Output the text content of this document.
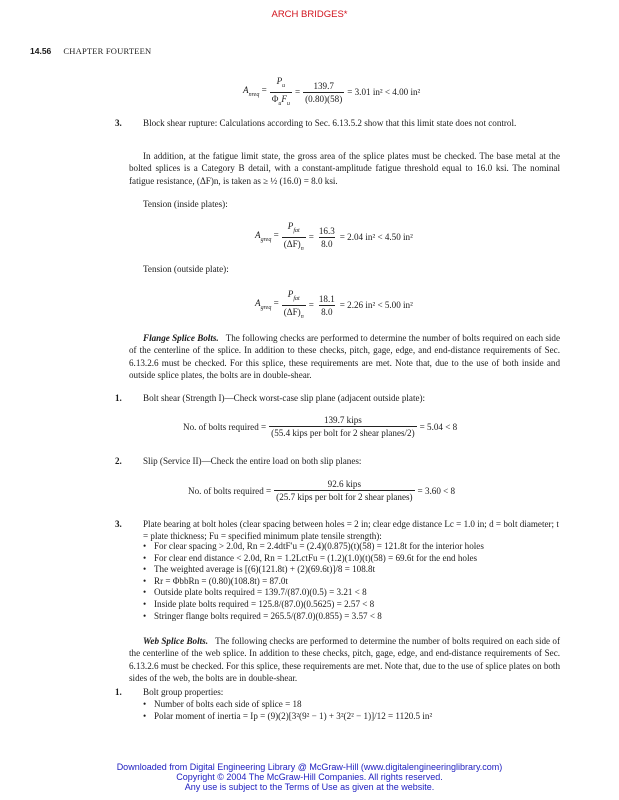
ARCH BRIDGES*
14.56 CHAPTER FOURTEEN
$A_{nreq} = \frac{P_u}{\Phi_uF_u} = \frac{139.7}{(0.80)(58)} = 3.01$ in² < 4.00 in²
3. Block shear rupture: Calculations according to Sec. 6.13.5.2 show that this limit state does not control.

In addition, at the fatigue limit state, the gross area of the splice plates must be checked. The base metal at the bolted splices is a Category B detail, with a constant-amplitude fatigue threshold equal to 16.0 ksi. The nominal fatigue resistance, (ΔF)n, is taken as ≥ ½ (16.0) = 8.0 ksi.

Tension (inside plates):
$A_{greq} = \frac{P_{fat}}{(\Delta F)_n} = \frac{16.3}{8.0} = 2.04$ in² < 4.50 in²
Tension (outside plate):
$A_{greq} = \frac{P_{fat}}{(\Delta F)_n} = \frac{18.1}{8.0} = 2.26$ in² < 5.00 in²

Flange Splice Bolts. The following checks are performed to determine the number of bolts required on each side of the centerline of the splice. In addition to these checks, pitch, gage, edge, and end-distance requirements of Sec. 6.13.2.6 must be checked. For this splice, these requirements are met. Note that, due to the use of both inside and outside splice plates, the bolts are in double-shear.

1. Bolt shear (Strength I)—Check worst-case slip plane (adjacent outside plate):
No. of bolts required = $\frac{\text{139.7 kips}}{\text{(55.4 kips per bolt for 2 shear planes/2)}} = 5.04 < 8$
2. Slip (Service II)—Check the entire load on both slip planes:
No. of bolts required = $\frac{\text{92.6 kips}}{\text{(25.7 kips per bolt for 2 shear planes)}} = 3.60 < 8$
3. Plate bearing at bolt holes (clear spacing between holes = 2 in; clear edge distance Lc = 1.0 in; d = bolt diameter; t = plate thickness; Fu = specified minimum plate tensile strength):
• For clear spacing > 2.0d, Rn = 2.4dtF′u = (2.4)(0.875)(t)(58) = 121.8t for the interior holes
• For clear end distance < 2.0d, Rn = 1.2LctFu = (1.2)(1.0)(t)(58) = 69.6t for the end holes
• The weighted average is [(6)(121.8t) + (2)(69.6t)]/8 = 108.8t
• Rr = ΦbbRn = (0.80)(108.8t) = 87.0t
• Outside plate bolts required = 139.7/(87.0)(0.5) = 3.21 < 8
• Inside plate bolts required = 125.8/(87.0)(0.5625) = 2.57 < 8
• Stringer flange bolts required = 265.5/(87.0)(0.855) = 3.57 < 8

Web Splice Bolts. The following checks are performed to determine the number of bolts required on each side of the centerline of the web splice. In addition to these checks, pitch, gage, edge, and end-distance requirements of Sec. 6.13.2.6 must be checked. For this splice, these requirements are met. Note that, due to the use of splice plates on both sides of the web, the bolts are in double-shear.

1. Bolt group properties:
• Number of bolts each side of splice = 18
• Polar moment of inertia = Ip = (9)(2)[3²(9² − 1) + 3²(2² − 1)]/12 = 1120.5 in²
Downloaded from Digital Engineering Library @ McGraw-Hill (www.digitalengineeringlibrary.com)
Copyright © 2004 The McGraw-Hill Companies. All rights reserved.
Any use is subject to the Terms of Use as given at the website.
